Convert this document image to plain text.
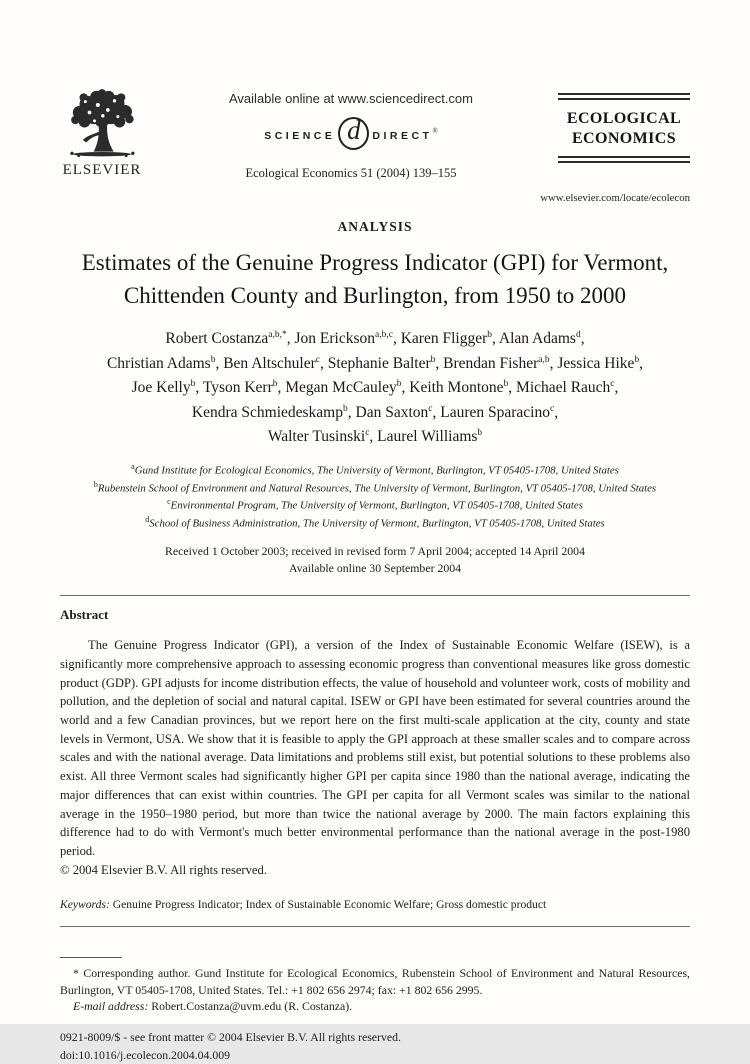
ELSEVIER
Available online at www.sciencedirect.com
SCIENCE d DIRECT ®
Ecological Economics 51 (2004) 139–155
ECOLOGICAL
ECONOMICS
www.elsevier.com/locate/ecolecon
ANALYSIS
Estimates of the Genuine Progress Indicator (GPI) for Vermont,
Chittenden County and Burlington, from 1950 to 2000
Robert Costanza$^{a,b,*}$, Jon Erickson$^{a,b,c}$, Karen Fligger$^b$, Alan Adams$^d$,
Christian Adams$^b$, Ben Altschuler$^c$, Stephanie Balter$^b$, Brendan Fisher$^{a,b}$, Jessica Hike$^b$,
Joe Kelly$^b$, Tyson Kerr$^b$, Megan McCauley$^b$, Keith Montone$^b$, Michael Rauch$^c$,
Kendra Schmiedeskamp$^b$, Dan Saxton$^c$, Lauren Sparacino$^c$,
Walter Tusinski$^c$, Laurel Williams$^b$
$^a$Gund Institute for Ecological Economics, The University of Vermont, Burlington, VT 05405-1708, United States
$^b$Rubenstein School of Environment and Natural Resources, The University of Vermont, Burlington, VT 05405-1708, United States
$^c$Environmental Program, The University of Vermont, Burlington, VT 05405-1708, United States
$^d$School of Business Administration, The University of Vermont, Burlington, VT 05405-1708, United States
Received 1 October 2003; received in revised form 7 April 2004; accepted 14 April 2004
Available online 30 September 2004
Abstract

The Genuine Progress Indicator (GPI), a version of the Index of Sustainable Economic Welfare (ISEW), is a significantly more comprehensive approach to assessing economic progress than conventional measures like gross domestic product (GDP). GPI adjusts for income distribution effects, the value of household and volunteer work, costs of mobility and pollution, and the depletion of social and natural capital. ISEW or GPI have been estimated for several countries around the world and a few Canadian provinces, but we report here on the first multi-scale application at the city, county and state levels in Vermont, USA. We show that it is feasible to apply the GPI approach at these smaller scales and to compare across scales and with the national average. Data limitations and problems still exist, but potential solutions to these problems also exist. All three Vermont scales had significantly higher GPI per capita since 1980 than the national average, indicating the major differences that can exist within countries. The GPI per capita for all Vermont scales was similar to the national average in the 1950–1980 period, but more than twice the national average by 2000. The main factors explaining this difference had to do with Vermont's much better environmental performance than the national average in the post-1980 period.

© 2004 Elsevier B.V. All rights reserved.
Keywords: Genuine Progress Indicator; Index of Sustainable Economic Welfare; Gross domestic product

* Corresponding author. Gund Institute for Ecological Economics, Rubenstein School of Environment and Natural Resources, Burlington, VT 05405-1708, United States. Tel.: +1 802 656 2974; fax: +1 802 656 2995.

E-mail address: Robert.Costanza@uvm.edu (R. Costanza).
0921-8009/$ - see front matter © 2004 Elsevier B.V. All rights reserved.
doi:10.1016/j.ecolecon.2004.04.009
